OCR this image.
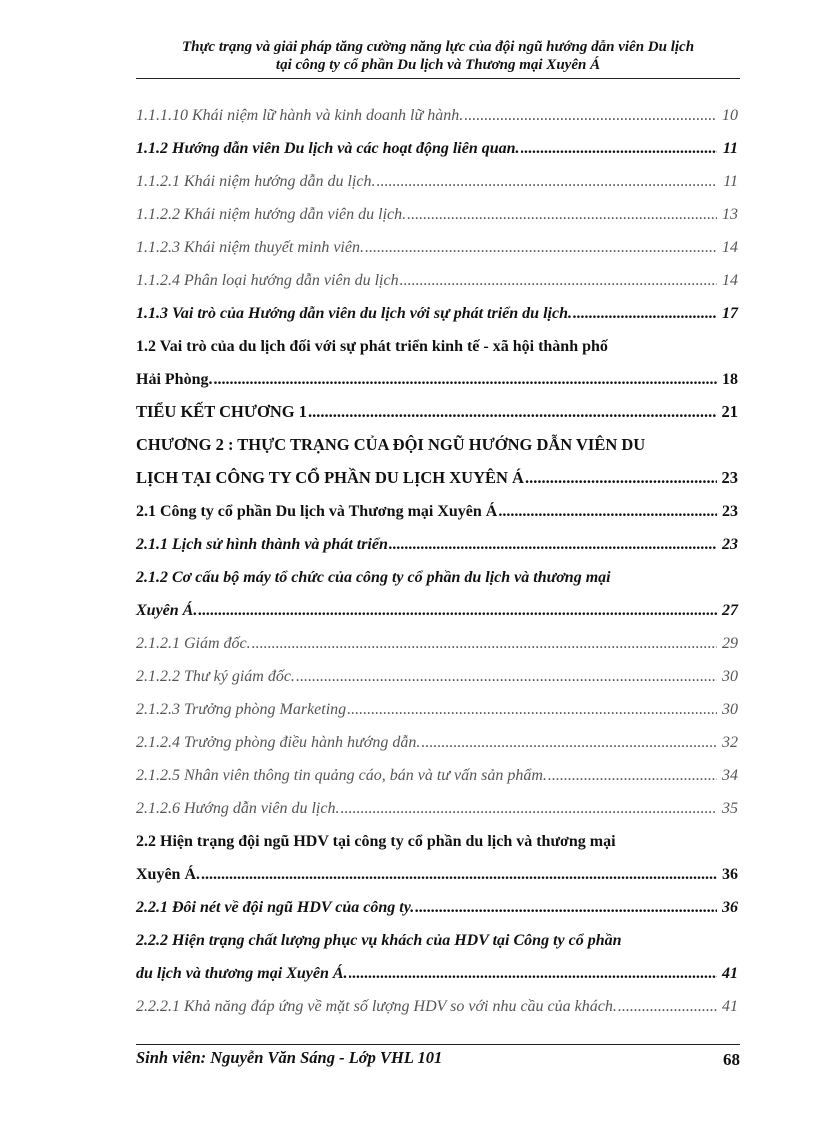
Thực trạng và giải pháp tăng cường năng lực của đội ngũ hướng dẫn viên Du lịch
tại công ty cổ phần Du lịch và Thương mại Xuyên Á
1.1.1.10 Khái niệm lữ hành và kinh doanh lữ hành. .....	10
1.1.2 Hướng dẫn viên Du lịch và các hoạt động liên quan. .....	11
1.1.2.1 Khái niệm hướng dẫn du lịch. .....	11
1.1.2.2 Khái niệm hướng dẫn viên du lịch. .....	13
1.1.2.3 Khái niệm thuyết minh viên. .....	14
1.1.2.4 Phân loại hướng dẫn viên du lịch .....	14
1.1.3 Vai trò của Hướng dẫn viên du lịch với sự phát triển du lịch. .....	17
1.2 Vai trò của du lịch đối với sự phát triển kinh tế - xã hội thành phố
Hải Phòng. .....	18
TIỂU KẾT CHƯƠNG 1 .....	21
CHƯƠNG 2 : THỰC TRẠNG CỦA ĐỘI NGŨ HƯỚNG DẪN VIÊN DU
LỊCH TẠI CÔNG TY CỔ PHẦN DU LỊCH XUYÊN Á .....	23
2.1 Công ty cổ phần Du lịch và Thương mại Xuyên Á .....	23
2.1.1 Lịch sử hình thành và phát triển .....	23
2.1.2 Cơ cấu bộ máy tổ chức của công ty cổ phần du lịch và thương mại
Xuyên Á. .....	27
2.1.2.1 Giám đốc. .....	29
2.1.2.2 Thư ký giám đốc. .....	30
2.1.2.3 Trưởng phòng Marketing .....	30
2.1.2.4 Trưởng phòng điều hành hướng dẫn. .....	32
2.1.2.5 Nhân viên thông tin quảng cáo, bán và tư vấn sản phẩm. .....	34
2.1.2.6 Hướng dẫn viên du lịch. .....	35
2.2 Hiện trạng đội ngũ HDV tại công ty cổ phần du lịch và thương mại
Xuyên Á. .....	36
2.2.1 Đôi nét về đội ngũ HDV của công ty. .....	36
2.2.2 Hiện trạng chất lượng phục vụ khách của HDV tại Công ty cổ phần
du lịch và thương mại Xuyên Á. .....	41
2.2.2.1 Khả năng đáp ứng về mặt số lượng HDV so với nhu cầu của khách. .....	41
Sinh viên: Nguyễn Văn Sáng - Lớp VHL 101	68
